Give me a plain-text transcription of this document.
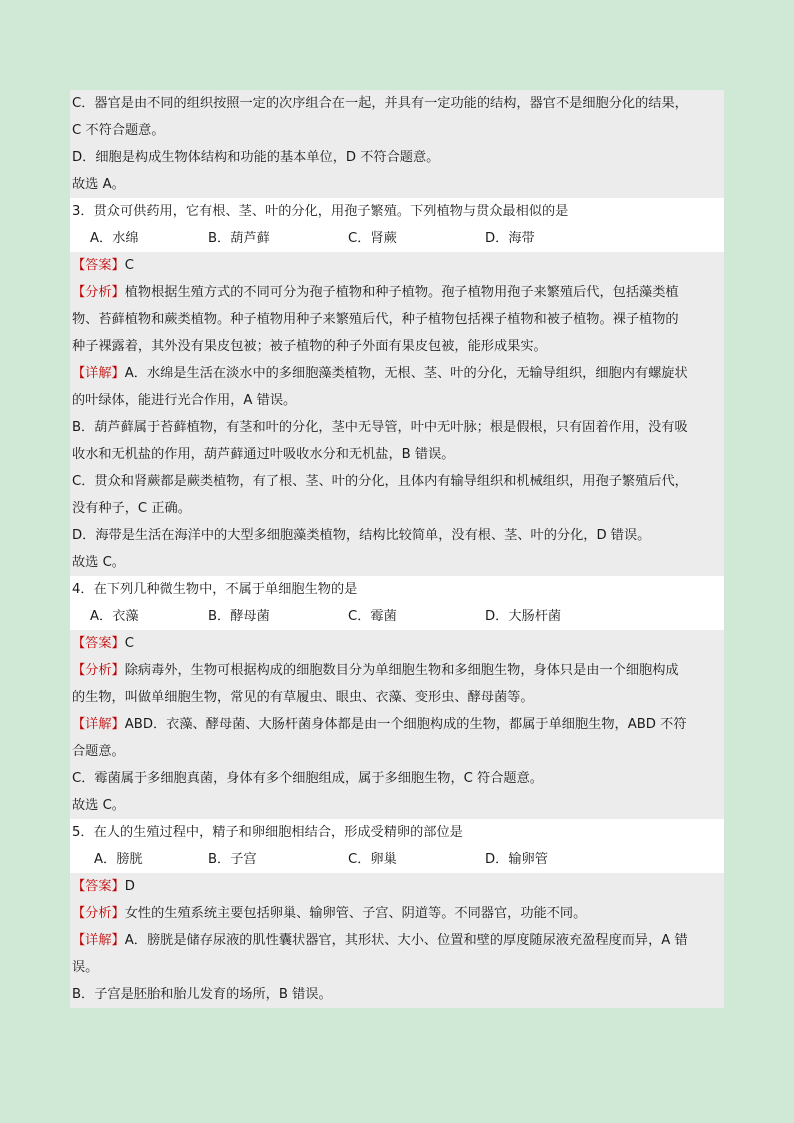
C．器官是由不同的组织按照一定的次序组合在一起，并具有一定功能的结构，器官不是细胞分化的结果，
C 不符合题意。
D．细胞是构成生物体结构和功能的基本单位，D 不符合题意。
故选 A。
3．贯众可供药用，它有根、茎、叶的分化，用孢子繁殖。下列植物与贯众最相似的是
A．水绵	B．葫芦藓	C．肾蕨	D．海带
【答案】C
【分析】植物根据生殖方式的不同可分为孢子植物和种子植物。孢子植物用孢子来繁殖后代，包括藻类植
物、苔藓植物和蕨类植物。种子植物用种子来繁殖后代，种子植物包括裸子植物和被子植物。裸子植物的
种子裸露着，其外没有果皮包被；被子植物的种子外面有果皮包被，能形成果实。
【详解】A．水绵是生活在淡水中的多细胞藻类植物，无根、茎、叶的分化，无输导组织，细胞内有螺旋状
的叶绿体，能进行光合作用，A 错误。
B．葫芦藓属于苔藓植物，有茎和叶的分化，茎中无导管，叶中无叶脉；根是假根，只有固着作用，没有吸
收水和无机盐的作用，葫芦藓通过叶吸收水分和无机盐，B 错误。
C．贯众和肾蕨都是蕨类植物，有了根、茎、叶的分化，且体内有输导组织和机械组织，用孢子繁殖后代，
没有种子，C 正确。
D．海带是生活在海洋中的大型多细胞藻类植物，结构比较简单，没有根、茎、叶的分化，D 错误。
故选 C。
4．在下列几种微生物中，不属于单细胞生物的是
A．衣藻	B．酵母菌	C．霉菌	D．大肠杆菌
【答案】C
【分析】除病毒外，生物可根据构成的细胞数目分为单细胞生物和多细胞生物，身体只是由一个细胞构成
的生物，叫做单细胞生物，常见的有草履虫、眼虫、衣藻、变形虫、酵母菌等。
【详解】ABD．衣藻、酵母菌、大肠杆菌身体都是由一个细胞构成的生物，都属于单细胞生物，ABD 不符
合题意。
C．霉菌属于多细胞真菌，身体有多个细胞组成，属于多细胞生物，C 符合题意。
故选 C。
5．在人的生殖过程中，精子和卵细胞相结合，形成受精卵的部位是
A．膀胱	B．子宫	C．卵巢	D．输卵管
【答案】D
【分析】女性的生殖系统主要包括卵巢、输卵管、子宫、阴道等。不同器官，功能不同。
【详解】A．膀胱是储存尿液的肌性囊状器官，其形状、大小、位置和壁的厚度随尿液充盈程度而异，A 错
误。
B．子宫是胚胎和胎儿发育的场所，B 错误。
